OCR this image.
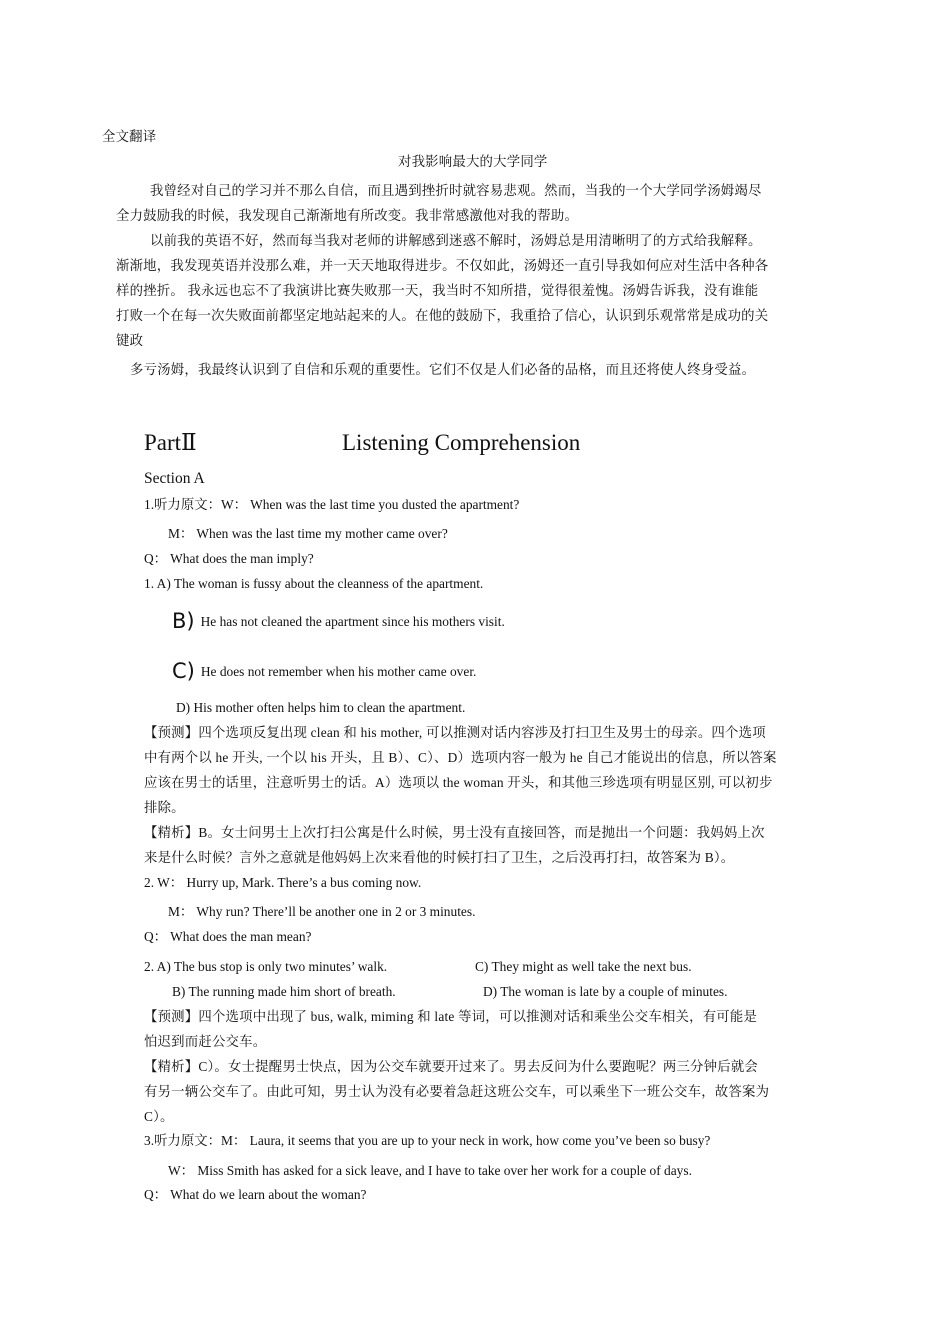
全文翻译
对我影响最大的大学同学
我曾经对自己的学习并不那么自信，而且遇到挫折时就容易悲观。然而，当我的一个大学同学汤姆竭尽
全力鼓励我的时候，我发现自己渐渐地有所改变。我非常感激他对我的帮助。
以前我的英语不好，然而每当我对老师的讲解感到迷惑不解时，汤姆总是用清晰明了的方式给我解释。
渐渐地，我发现英语并没那么难，并一天天地取得进步。不仅如此，汤姆还一直引导我如何应对生活中各种各
样的挫折。 我永远也忘不了我演讲比赛失败那一天，我当时不知所措，觉得很羞愧。汤姆告诉我，没有谁能
打败一个在每一次失败面前都坚定地站起来的人。在他的鼓励下，我重拾了信心，认识到乐观常常是成功的关
键政
多亏汤姆，我最终认识到了自信和乐观的重要性。它们不仅是人们必备的品格，而且还将使人终身受益。
PartⅡ	Listening Comprehension
Section A
1.听力原文：W： When was the last time you dusted the apartment?
M： When was the last time my mother came over?
Q： What does the man imply?
1. A) The woman is fussy about the cleanness of the apartment.
B) He has not cleaned the apartment since his mothers visit.
C) He does not remember when his mother came over.
D) His mother often helps him to clean the apartment.
【预测】四个选项反复出现 clean 和 his mother, 可以推测对话内容涉及打扫卫生及男士的母亲。四个选项
中有两个以 he 开头, 一个以 his 开头，且 B）、C）、D）选项内容一般为 he 自己才能说出的信息，所以答案
应该在男士的话里，注意听男士的话。A）选项以 the woman 开头，和其他三珍选项有明显区别, 可以初步
排除。
【精析】B。女士问男士上次打扫公寓是什么时候，男士没有直接回答，而是抛出一个问题：我妈妈上次
来是什么时候？言外之意就是他妈妈上次来看他的时候打扫了卫生，之后没再打扫，故答案为 B）。
2. W： Hurry up, Mark. There’s a bus coming now.
M： Why run? There’ll be another one in 2 or 3 minutes.
Q： What does the man mean?
2. A) The bus stop is only two minutes’ walk.	C) They might as well take the next bus.
B) The running made him short of breath.	D) The woman is late by a couple of minutes.
【预测】四个选项中出现了 bus, walk, miming 和 late 等词，可以推测对话和乘坐公交车相关，有可能是
怕迟到而赶公交车。
【精析】C）。女士提醒男士快点，因为公交车就要开过来了。男去反问为什么要跑呢？两三分钟后就会
有另一辆公交车了。由此可知，男士认为没有必要着急赶这班公交车，可以乘坐下一班公交车，故答案为
C）。
3.听力原文：M： Laura, it seems that you are up to your neck in work, how come you’ve been so busy?
W： Miss Smith has asked for a sick leave, and I have to take over her work for a couple of days.
Q： What do we learn about the woman?
